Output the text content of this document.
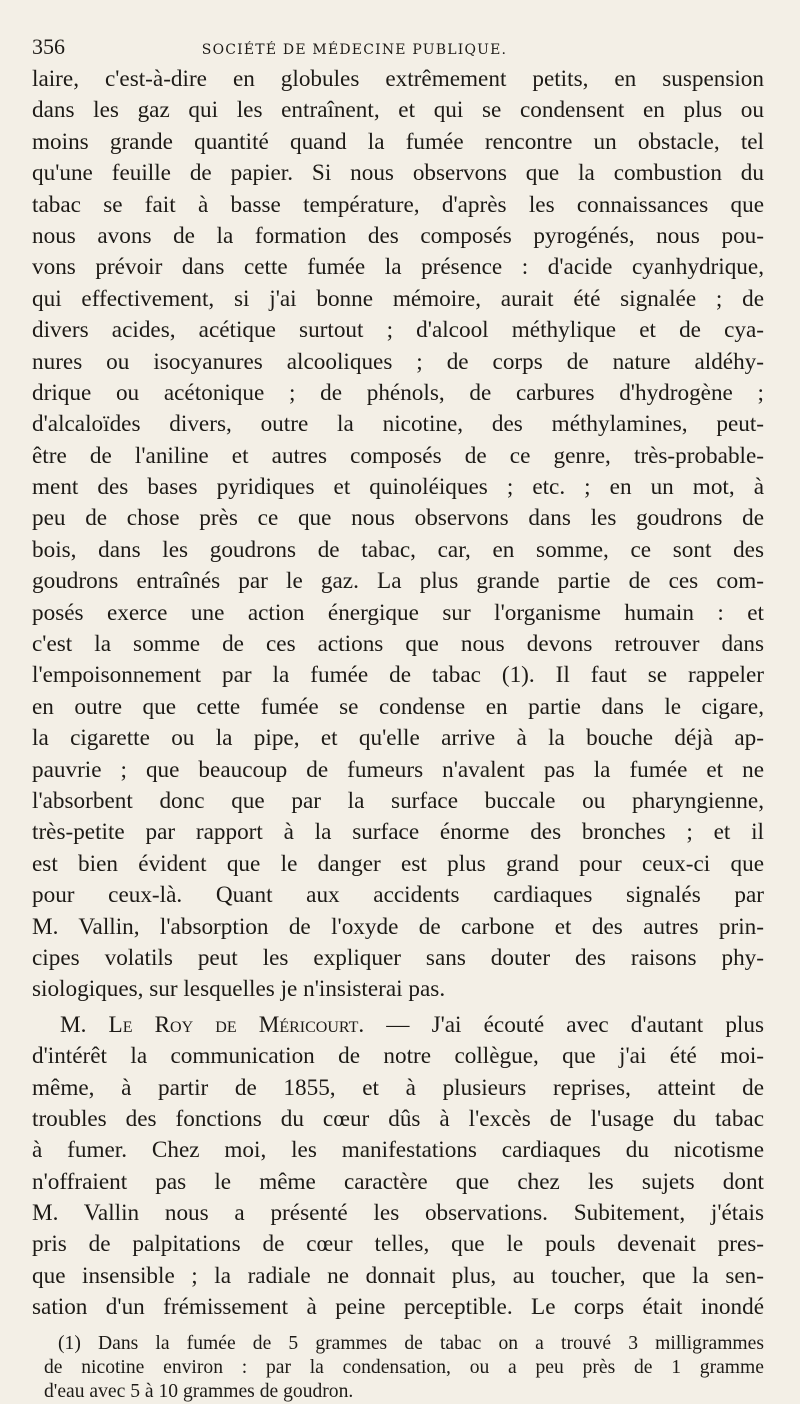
356	SOCIÉTÉ DE MÉDECINE PUBLIQUE.
laire, c'est-à-dire en globules extrêmement petits, en suspension
dans les gaz qui les entraînent, et qui se condensent en plus ou
moins grande quantité quand la fumée rencontre un obstacle, tel
qu'une feuille de papier. Si nous observons que la combustion du
tabac se fait à basse température, d'après les connaissances que
nous avons de la formation des composés pyrogénés, nous pou-
vons prévoir dans cette fumée la présence : d'acide cyanhydrique,
qui effectivement, si j'ai bonne mémoire, aurait été signalée ; de
divers acides, acétique surtout ; d'alcool méthylique et de cya-
nures ou isocyanures alcooliques ; de corps de nature aldéhy-
drique ou acétonique ; de phénols, de carbures d'hydrogène ;
d'alcaloïdes divers, outre la nicotine, des méthylamines, peut-
être de l'aniline et autres composés de ce genre, très-probable-
ment des bases pyridiques et quinoléiques ; etc. ; en un mot, à
peu de chose près ce que nous observons dans les goudrons de
bois, dans les goudrons de tabac, car, en somme, ce sont des
goudrons entraînés par le gaz. La plus grande partie de ces com-
posés exerce une action énergique sur l'organisme humain : et
c'est la somme de ces actions que nous devons retrouver dans
l'empoisonnement par la fumée de tabac (1). Il faut se rappeler
en outre que cette fumée se condense en partie dans le cigare,
la cigarette ou la pipe, et qu'elle arrive à la bouche déjà ap-
pauvrie ; que beaucoup de fumeurs n'avalent pas la fumée et ne
l'absorbent donc que par la surface buccale ou pharyngienne,
très-petite par rapport à la surface énorme des bronches ; et il
est bien évident que le danger est plus grand pour ceux-ci que
pour ceux-là. Quant aux accidents cardiaques signalés par
M. Vallin, l'absorption de l'oxyde de carbone et des autres prin-
cipes volatils peut les expliquer sans douter des raisons phy-
siologiques, sur lesquelles je n'insisterai pas.
M. Le Roy de Méricourt. — J'ai écouté avec d'autant plus
d'intérêt la communication de notre collègue, que j'ai été moi-
même, à partir de 1855, et à plusieurs reprises, atteint de
troubles des fonctions du cœur dûs à l'excès de l'usage du tabac
à fumer. Chez moi, les manifestations cardiaques du nicotisme
n'offraient pas le même caractère que chez les sujets dont
M. Vallin nous a présenté les observations. Subitement, j'étais
pris de palpitations de cœur telles, que le pouls devenait pres-
que insensible ; la radiale ne donnait plus, au toucher, que la sen-
sation d'un frémissement à peine perceptible. Le corps était inondé
(1) Dans la fumée de 5 grammes de tabac on a trouvé 3 milligrammes
de nicotine environ : par la condensation, ou a peu près de 1 gramme
d'eau avec 5 à 10 grammes de goudron.
